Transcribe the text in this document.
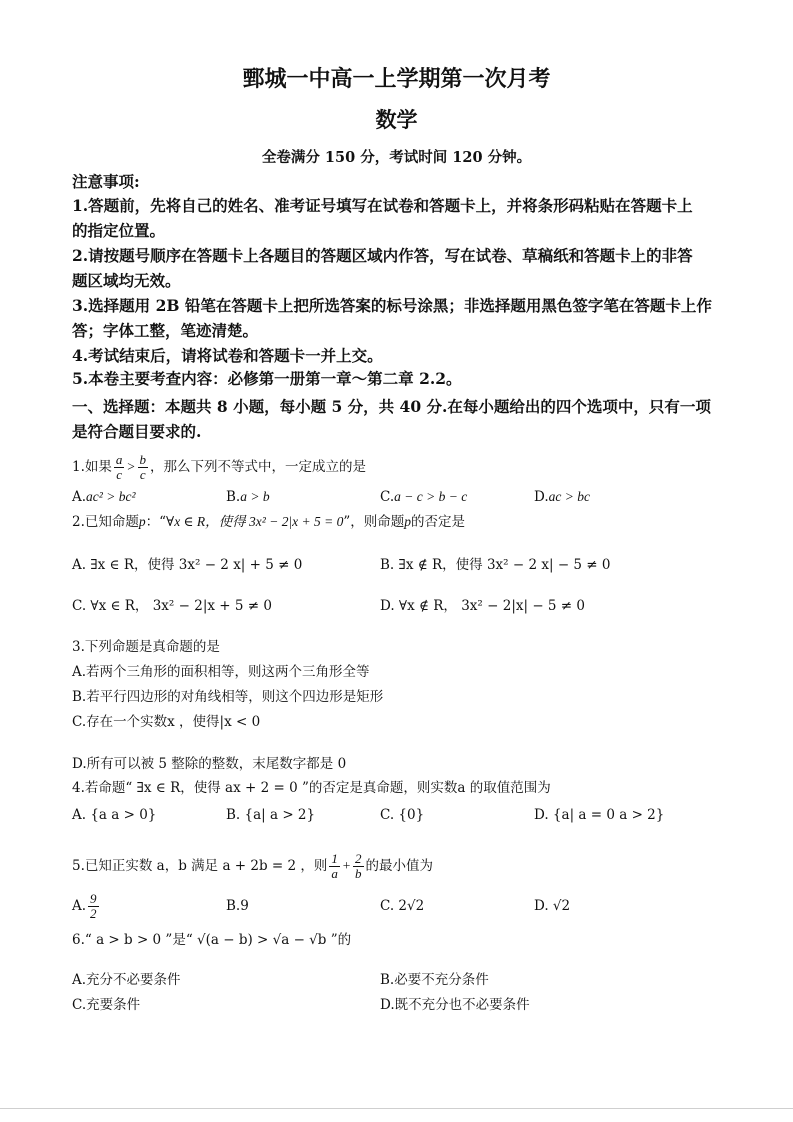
鄄城一中高一上学期第一次月考
数学
全卷满分 150 分，考试时间 120 分钟。
注意事项:
1.答题前，先将自己的姓名、准考证号填写在试卷和答题卡上，并将条形码粘贴在答题卡上
的指定位置。
2.请按题号顺序在答题卡上各题目的答题区域内作答，写在试卷、草稿纸和答题卡上的非答
题区域均无效。
3.选择题用 2B 铅笔在答题卡上把所选答案的标号涂黑；非选择题用黑色签字笔在答题卡上作
答；字体工整，笔迹清楚。
4.考试结束后，请将试卷和答题卡一并上交。
5.本卷主要考查内容：必修第一册第一章～第二章 2.2。
一、选择题：本题共 8 小题，每小题 5 分，共 40 分.在每小题给出的四个选项中，只有一项
是符合题目要求的.
1.如果 $\frac{a}{c} > \frac{b}{c}$ ，那么下列不等式中，一定成立的是
A.ac² > bc²	B.a > b	C.a − c > b − c	D.ac > bc
2.已知命题p：“∀x ∈ R，使得 3x² − 2|x + 5 = 0”，则命题p的否定是
A. ∃x ∈ R，使得 3x² − 2 x| + 5 ≠ 0	B. ∃x ∉ R，使得 3x² − 2 x| − 5 ≠ 0
C. ∀x ∈ R， 3x² − 2|x + 5 ≠ 0	D. ∀x ∉ R， 3x² − 2|x| − 5 ≠ 0
3.下列命题是真命题的是
A.若两个三角形的面积相等，则这两个三角形全等
B.若平行四边形的对角线相等，则这个四边形是矩形
C.存在一个实数x ，使得|x < 0
D.所有可以被 5 整除的整数，末尾数字都是 0
4.若命题“ ∃x ∈ R，使得 ax + 2 = 0 ”的否定是真命题，则实数a 的取值范围为
A. {a a > 0}	B. {a| a > 2}	C. {0}	D. {a| a = 0 a > 2}
5.已知正实数 a，b 满足 a + 2b = 2 ，则 $\frac{1}{a} + \frac{2}{b}$ 的最小值为
A. $\frac{9}{2}$	B.9	C. 2√2	D. √2
6.“ a > b > 0 ”是“ √(a − b) > √a − √b ”的
A.充分不必要条件	B.必要不充分条件
C.充要条件	D.既不充分也不必要条件
